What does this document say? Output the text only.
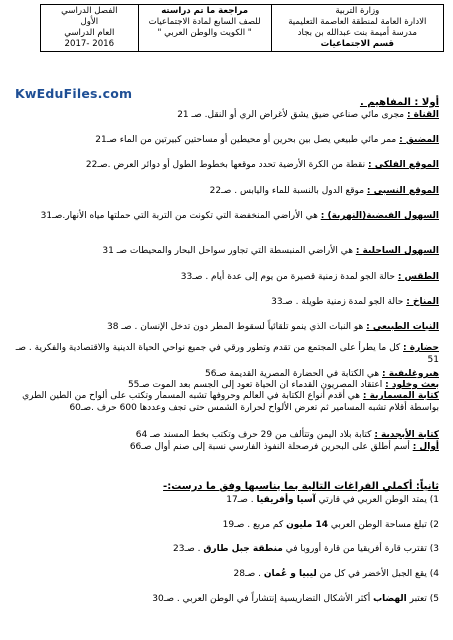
وزارة التربية
الادارة العامة لمنطقة العاصمة التعليمية
مدرسة أميمة بنت عبدالله بن بجاد
قسم الاجتماعيات

مراجعة ما تم دراسته
للصف السابع لمادة الاجتماعيات
" الكويت والوطن العربي "

الفصل الدراسي
الأول
العام الدراسي
2016 -2017
KwEduFiles.com
أولا : المفاهيم .
القناة : مجرى مائي صناعي ضيق يشق لأغراض الري أو النقل. صـ 21
المضيق : ممر مائي طبيعي يصل بين بحرين أو محيطين أو مساحتين كبيرتين من الماء صـ21
الموقع الفلكي : نقطة من الكرة الأرضية تحدد موقعها بخطوط الطول أو دوائر العرض .صـ22
الموقع النسبي : موقع الدول بالنسبة للماء واليابس . صـ22
السهول الفيضية(النهرية) : هي الأراضي المنخفضة التي تكونت من التربة التي حملتها مياه الأنهار.صـ31
السهول الساحلية : هي الأراضي المنبسطة التي تجاور سواحل البحار والمحيطات صـ 31
الطقس : حالة الجو لمدة زمنية قصيرة من يوم إلى عدة أيام . صـ33
المناخ : حالة الجو لمدة زمنية طويلة . صـ33
النبات الطبيعي : هو النبات الذي ينمو تلقائياً لسقوط المطر دون تدخل الإنسان . صـ 38
حضارة : كل ما يطرأ على المجتمع من تقدم وتطور ورقي في جميع نواحي الحياة الدينية والاقتصادية والفكرية . صـ 51
هيروغليفية : هي الكتابة في الحضارة المصرية القديمة صـ56
بعث وخلود : اعتقاد المصريون القدماء ان الحياة تعود إلى الجسم بعد الموت صـ55
كتابة المسمارية : هي أقدم أنواع الكتابة في العالم وحروفها تشبه المسمار وتكتب على ألواح من الطين الطري بواسطة أقلام تشبه المسامير ثم تعرض الألواح لحرارة الشمس حتى تجف وعددها 600 حرف .صـ60
كتابة الأبجدية : كتابة بلاد اليمن وتتألف من 29 حرف وتكتب بخط المسند صـ 64
أوال : أسم أطلق على البحرين فرصحلة النفوذ الفارسي نسبة إلى صنم أوال صـ66
ثانياً: أكملي الفراغات التالية بما يناسبها وفق ما درست:-
1) يمتد الوطن العربي في قارتي آسيا وأفريقيا . صـ17
2) تبلغ مساحة الوطن العربي 14 مليون كم مربع . صـ19
3) تقترب قارة أفريقيا من قارة أوروبا في منطقة جبل طارق . صـ23
4) يقع الجبل الأخضر في كل من ليبيا و عُمان . صـ28
5) تعتبر الهضاب أكثر الأشكال التضاريسية إنتشاراً في الوطن العربي . صـ30
